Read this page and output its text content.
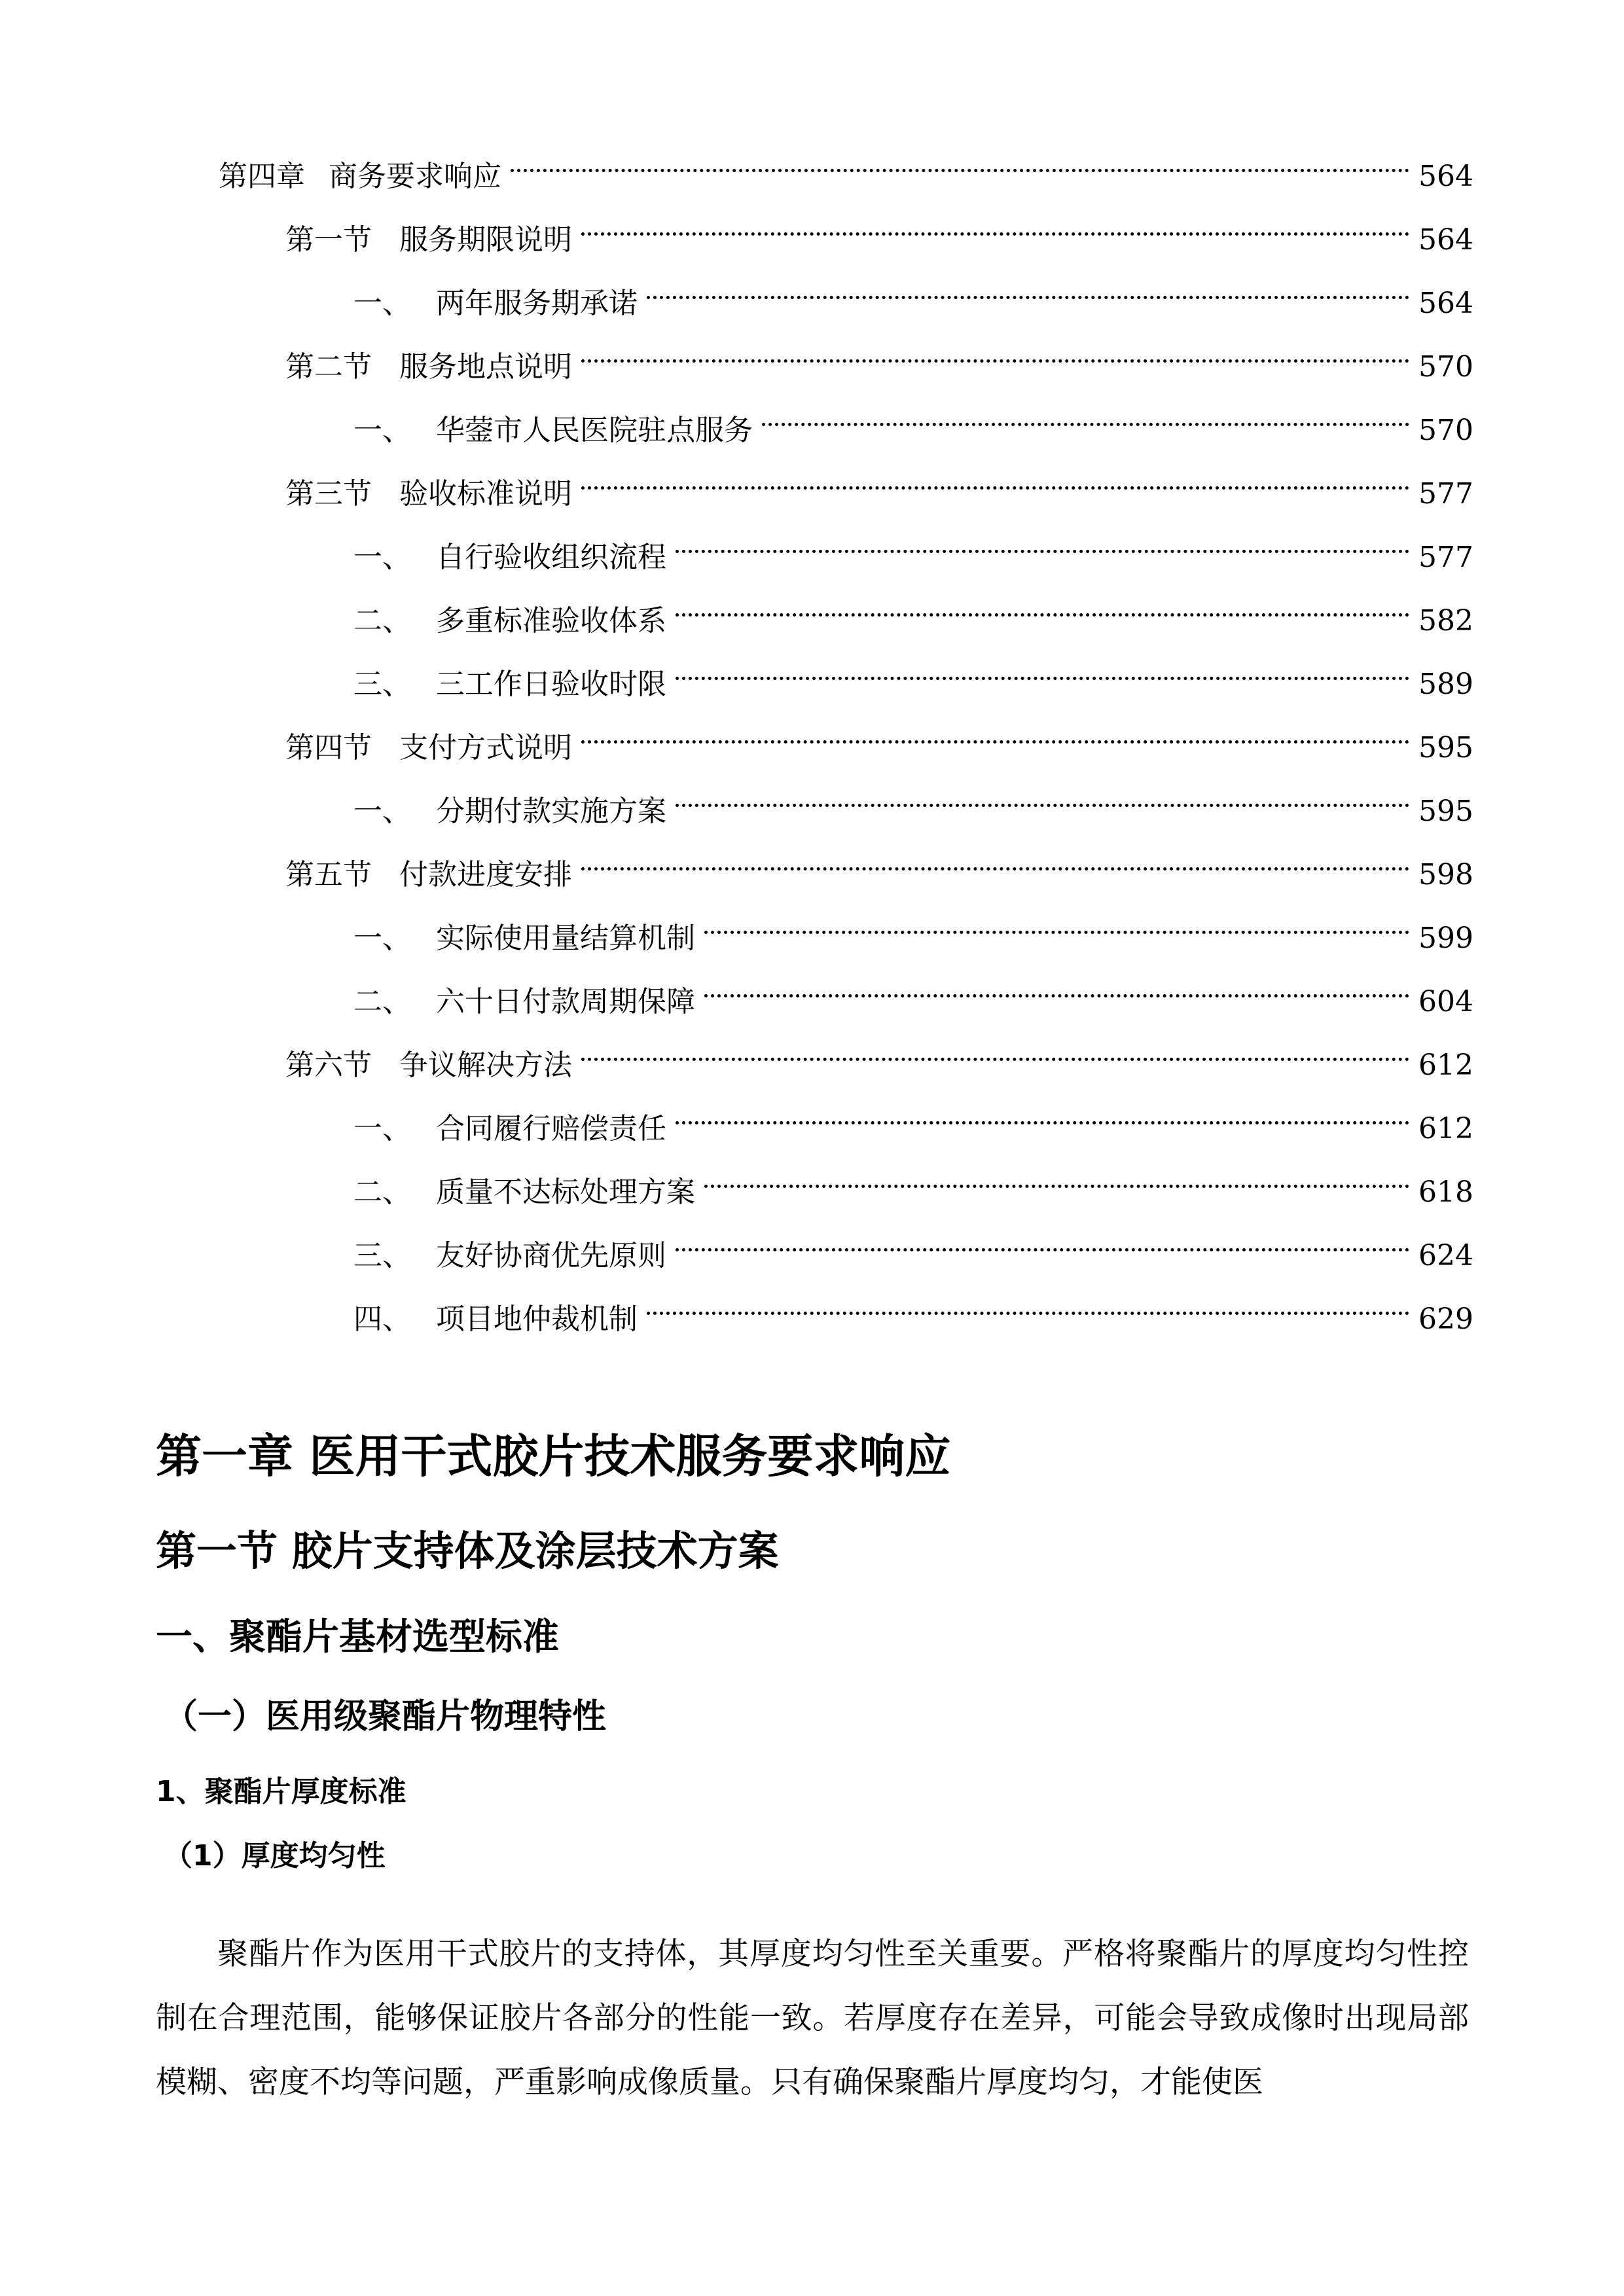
第四章 商务要求响应	564
第一节 服务期限说明	564
一、 两年服务期承诺	564
第二节 服务地点说明	570
一、 华蓥市人民医院驻点服务	570
第三节 验收标准说明	577
一、 自行验收组织流程	577
二、 多重标准验收体系	582
三、 三工作日验收时限	589
第四节 支付方式说明	595
一、 分期付款实施方案	595
第五节 付款进度安排	598
一、 实际使用量结算机制	599
二、 六十日付款周期保障	604
第六节 争议解决方法	612
一、 合同履行赔偿责任	612
二、 质量不达标处理方案	618
三、 友好协商优先原则	624
四、 项目地仲裁机制	629
第一章 医用干式胶片技术服务要求响应
第一节 胶片支持体及涂层技术方案
一、聚酯片基材选型标准
（一）医用级聚酯片物理特性
1、聚酯片厚度标准
（1）厚度均匀性

聚酯片作为医用干式胶片的支持体，其厚度均匀性至关重要。严格将聚酯片的厚度均匀性控制在合理范围，能够保证胶片各部分的性能一致。若厚度存在差异，可能会导致成像时出现局部模糊、密度不均等问题，严重影响成像质量。只有确保聚酯片厚度均匀，才能使医
